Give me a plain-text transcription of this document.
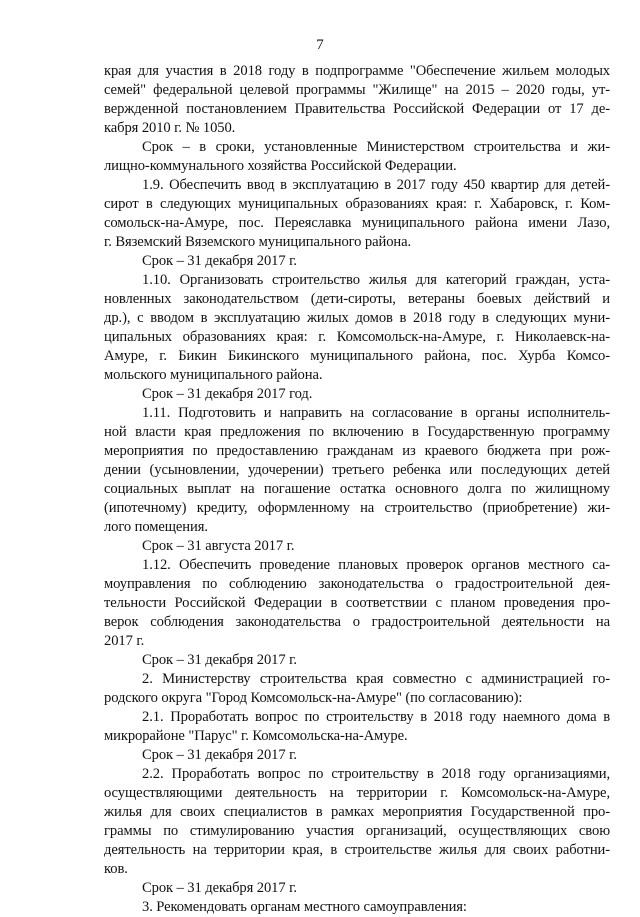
7
края для участия в 2018 году в подпрограмме "Обеспечение жильем молодых
семей" федеральной целевой программы "Жилище" на 2015 – 2020 годы, ут-
вержденной постановлением Правительства Российской Федерации от 17 де-
кабря 2010 г. № 1050.
Срок – в сроки, установленные Министерством строительства и жи-
лищно-коммунального хозяйства Российской Федерации.
1.9. Обеспечить ввод в эксплуатацию в 2017 году 450 квартир для детей-
сирот в следующих муниципальных образованиях края: г. Хабаровск, г. Ком-
сомольск-на-Амуре, пос. Переяславка муниципального района имени Лазо,
г. Вяземский Вяземского муниципального района.
Срок – 31 декабря 2017 г.
1.10. Организовать строительство жилья для категорий граждан, уста-
новленных законодательством (дети-сироты, ветераны боевых действий и
др.), с вводом в эксплуатацию жилых домов в 2018 году в следующих муни-
ципальных образованиях края: г. Комсомольск-на-Амуре, г. Николаевск-на-
Амуре, г. Бикин Бикинского муниципального района, пос. Хурба Комсо-
мольского муниципального района.
Срок – 31 декабря 2017 год.
1.11. Подготовить и направить на согласование в органы исполнитель-
ной власти края предложения по включению в Государственную программу
мероприятия по предоставлению гражданам из краевого бюджета при рож-
дении (усыновлении, удочерении) третьего ребенка или последующих детей
социальных выплат на погашение остатка основного долга по жилищному
(ипотечному) кредиту, оформленному на строительство (приобретение) жи-
лого помещения.
Срок – 31 августа 2017 г.
1.12. Обеспечить проведение плановых проверок органов местного са-
моуправления по соблюдению законодательства о градостроительной дея-
тельности Российской Федерации в соответствии с планом проведения про-
верок соблюдения законодательства о градостроительной деятельности на
2017 г.
Срок – 31 декабря 2017 г.
2. Министерству строительства края совместно с администрацией го-
родского округа "Город Комсомольск-на-Амуре" (по согласованию):
2.1. Проработать вопрос по строительству в 2018 году наемного дома в
микрорайоне "Парус" г. Комсомольска-на-Амуре.
Срок – 31 декабря 2017 г.
2.2. Проработать вопрос по строительству в 2018 году организациями,
осуществляющими деятельность на территории г. Комсомольск-на-Амуре,
жилья для своих специалистов в рамках мероприятия Государственной про-
граммы по стимулированию участия организаций, осуществляющих свою
деятельность на территории края, в строительстве жилья для своих работни-
ков.
Срок – 31 декабря 2017 г.
3. Рекомендовать органам местного самоуправления:
